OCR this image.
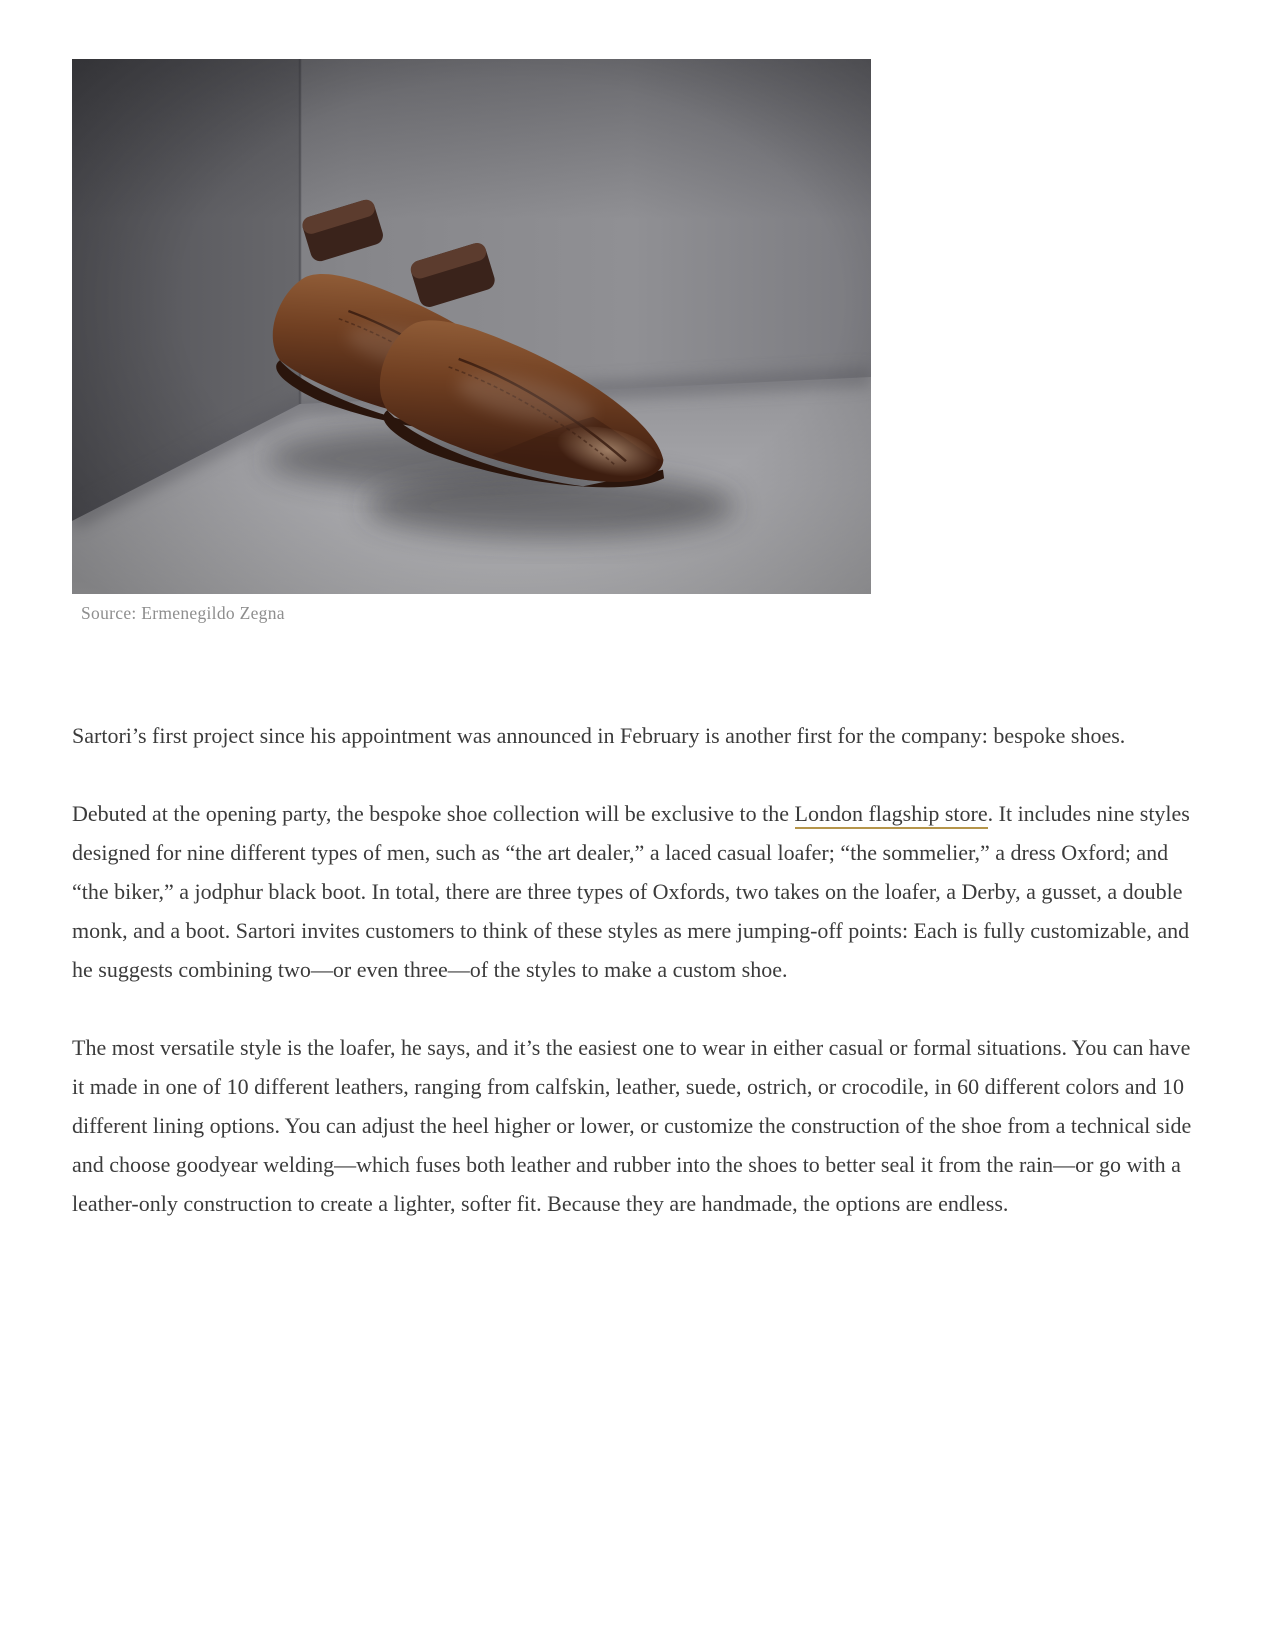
Source: Ermenegildo Zegna

Sartori’s first project since his appointment was announced in February is another first for the company: bespoke shoes.

Debuted at the opening party, the bespoke shoe collection will be exclusive to the London flagship store. It includes nine styles designed for nine different types of men, such as “the art dealer,” a laced casual loafer; “the sommelier,” a dress Oxford; and “the biker,” a jodphur black boot. In total, there are three types of Oxfords, two takes on the loafer, a Derby, a gusset, a double monk, and a boot. Sartori invites customers to think of these styles as mere jumping-off points: Each is fully customizable, and he suggests combining two—or even three—of the styles to make a custom shoe.

The most versatile style is the loafer, he says, and it’s the easiest one to wear in either casual or formal situations. You can have it made in one of 10 different leathers, ranging from calfskin, leather, suede, ostrich, or crocodile, in 60 different colors and 10 different lining options. You can adjust the heel higher or lower, or customize the construction of the shoe from a technical side and choose goodyear welding—which fuses both leather and rubber into the shoes to better seal it from the rain—or go with a leather-only construction to create a lighter, softer fit. Because they are handmade, the options are endless.
